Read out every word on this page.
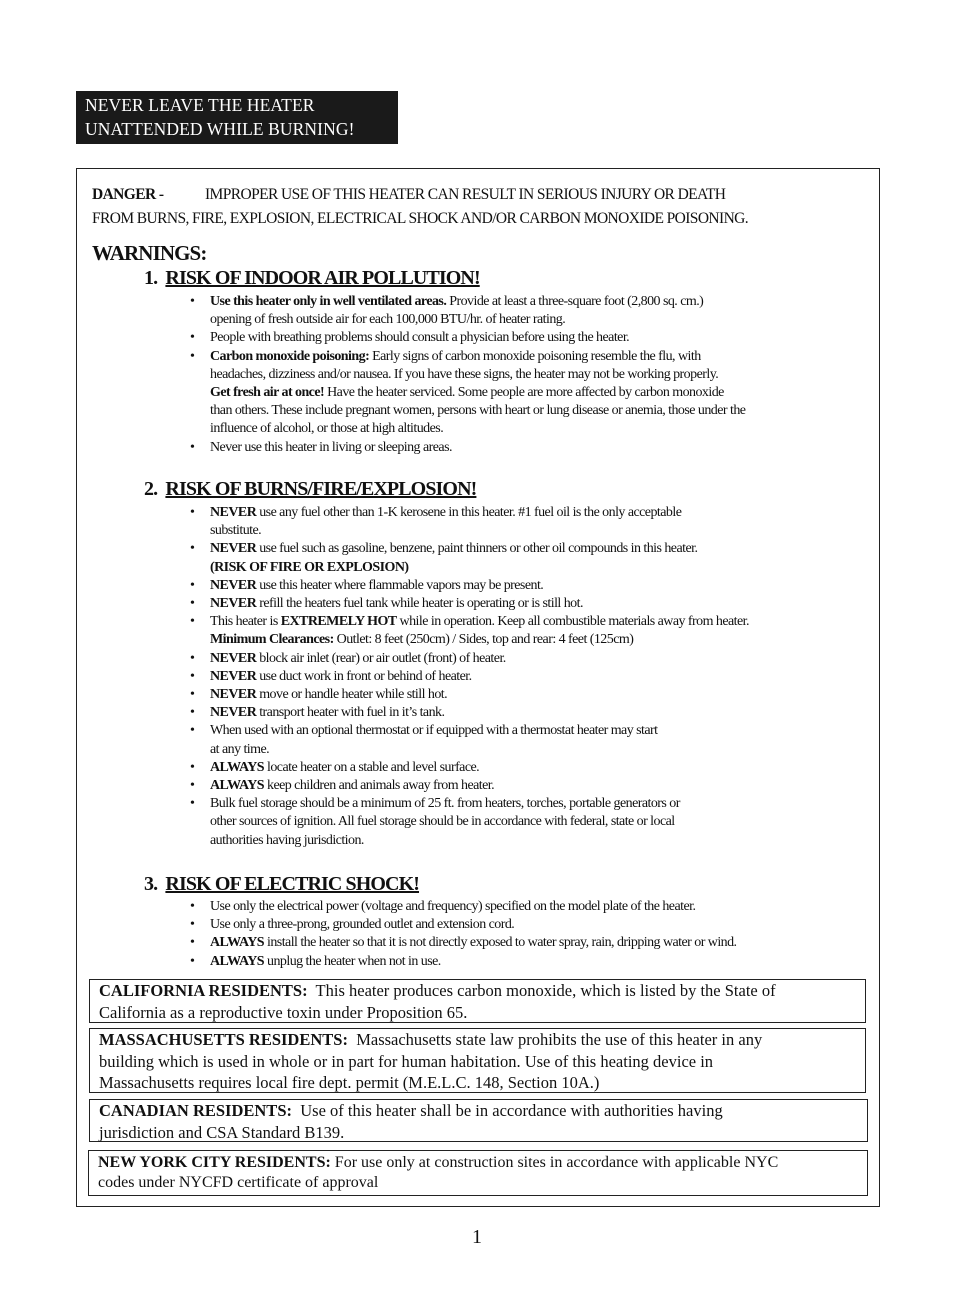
NEVER LEAVE THE HEATER
UNATTENDED WHILE BURNING!
DANGER -	IMPROPER USE OF THIS HEATER CAN RESULT IN SERIOUS INJURY OR DEATH
FROM BURNS, FIRE, EXPLOSION, ELECTRICAL SHOCK AND/OR CARBON MONOXIDE POISONING.
WARNINGS:
1. RISK OF INDOOR AIR POLLUTION!
• Use this heater only in well ventilated areas. Provide at least a three-square foot (2,800 sq. cm.)
opening of fresh outside air for each 100,000 BTU/hr. of heater rating.
• People with breathing problems should consult a physician before using the heater.
• Carbon monoxide poisoning: Early signs of carbon monoxide poisoning resemble the flu, with
headaches, dizziness and/or nausea. If you have these signs, the heater may not be working properly.
Get fresh air at once! Have the heater serviced. Some people are more affected by carbon monoxide
than others. These include pregnant women, persons with heart or lung disease or anemia, those under the
influence of alcohol, or those at high altitudes.
• Never use this heater in living or sleeping areas.
2. RISK OF BURNS/FIRE/EXPLOSION!
• NEVER use any fuel other than 1-K kerosene in this heater. #1 fuel oil is the only acceptable
substitute.
• NEVER use fuel such as gasoline, benzene, paint thinners or other oil compounds in this heater.
(RISK OF FIRE OR EXPLOSION)
• NEVER use this heater where flammable vapors may be present.
• NEVER refill the heaters fuel tank while heater is operating or is still hot.
• This heater is EXTREMELY HOT while in operation. Keep all combustible materials away from heater.
Minimum Clearances: Outlet: 8 feet (250cm) / Sides, top and rear: 4 feet (125cm)
• NEVER block air inlet (rear) or air outlet (front) of heater.
• NEVER use duct work in front or behind of heater.
• NEVER move or handle heater while still hot.
• NEVER transport heater with fuel in it’s tank.
• When used with an optional thermostat or if equipped with a thermostat heater may start
at any time.
• ALWAYS locate heater on a stable and level surface.
• ALWAYS keep children and animals away from heater.
• Bulk fuel storage should be a minimum of 25 ft. from heaters, torches, portable generators or
other sources of ignition. All fuel storage should be in accordance with federal, state or local
authorities having jurisdiction.
3. RISK OF ELECTRIC SHOCK!
• Use only the electrical power (voltage and frequency) specified on the model plate of the heater.
• Use only a three-prong, grounded outlet and extension cord.
• ALWAYS install the heater so that it is not directly exposed to water spray, rain, dripping water or wind.
• ALWAYS unplug the heater when not in use.
CALIFORNIA RESIDENTS: This heater produces carbon monoxide, which is listed by the State of
California as a reproductive toxin under Proposition 65.
MASSACHUSETTS RESIDENTS: Massachusetts state law prohibits the use of this heater in any
building which is used in whole or in part for human habitation. Use of this heating device in
Massachusetts requires local fire dept. permit (M.E.L.C. 148, Section 10A.)
CANADIAN RESIDENTS: Use of this heater shall be in accordance with authorities having
jurisdiction and CSA Standard B139.
NEW YORK CITY RESIDENTS: For use only at construction sites in accordance with applicable NYC
codes under NYCFD certificate of approval
1
